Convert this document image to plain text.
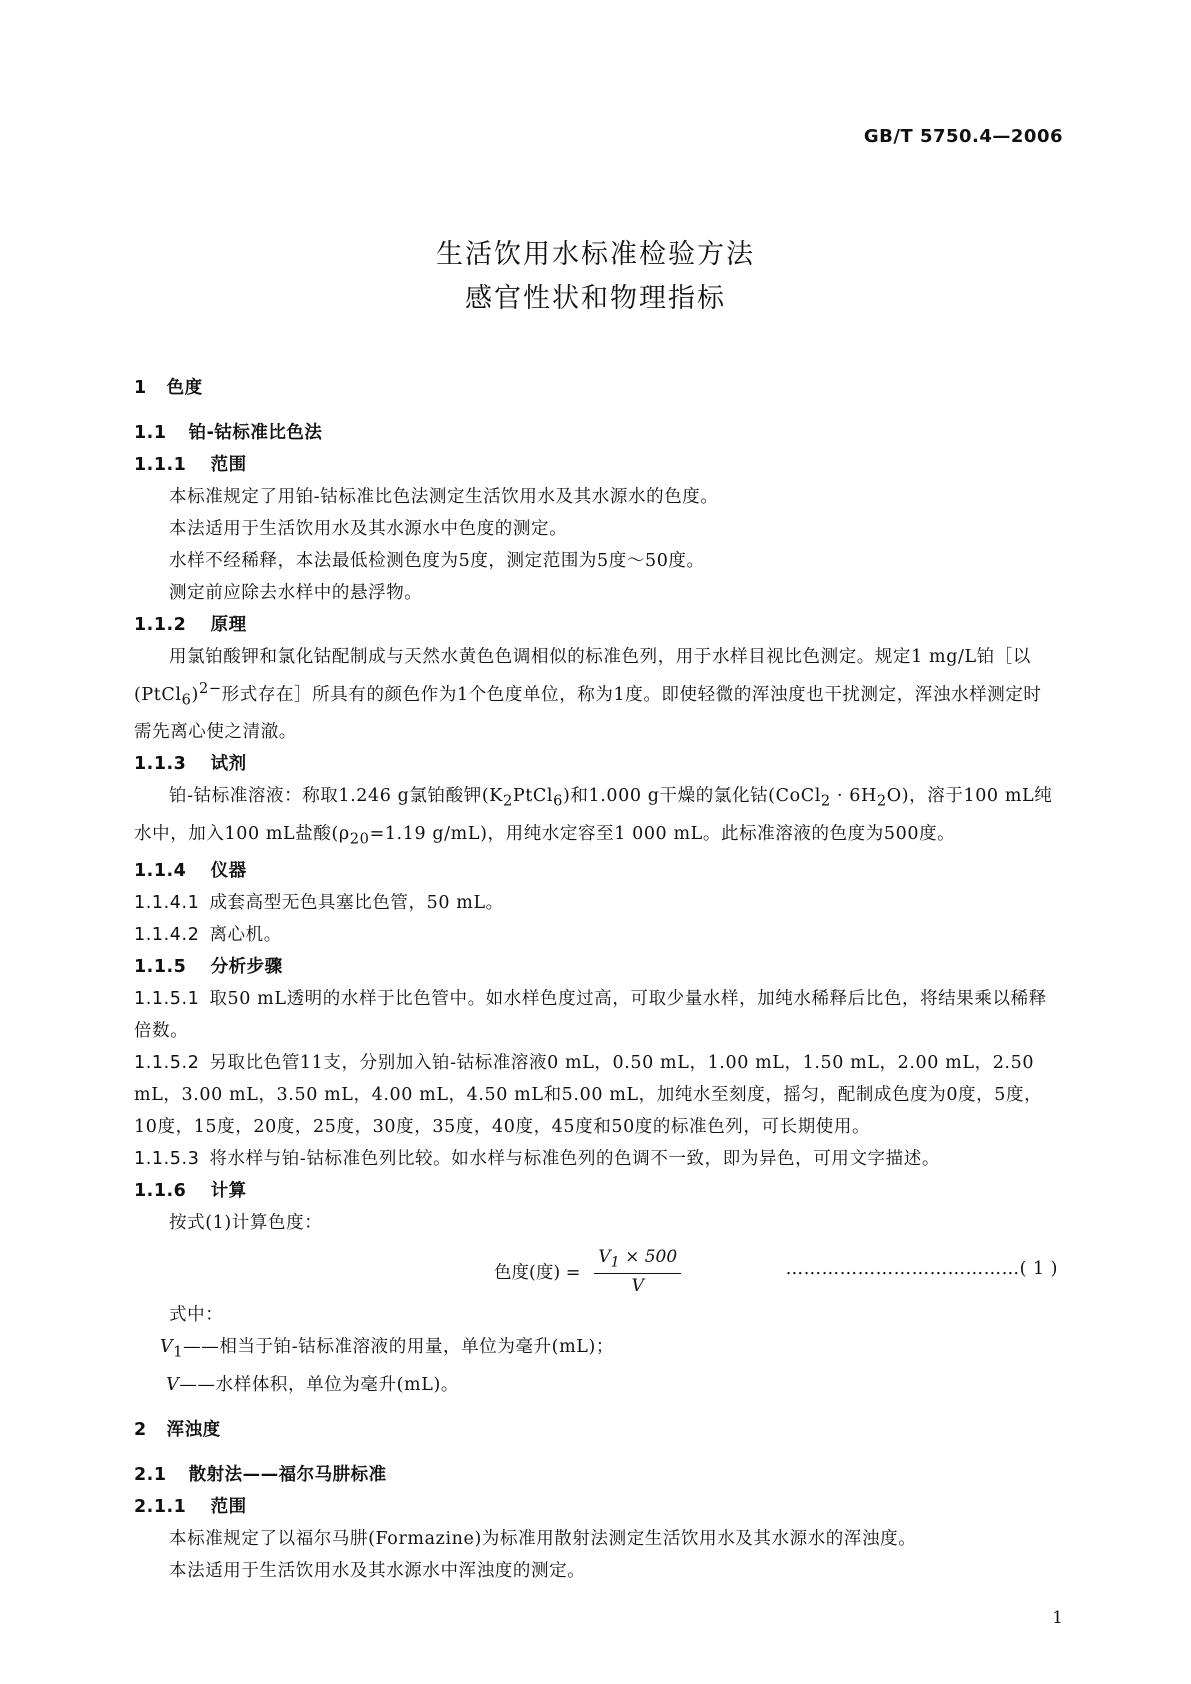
GB/T 5750.4—2006
生活饮用水标准检验方法
感官性状和物理指标
1 色度
1.1 铂-钴标准比色法
1.1.1 范围
本标准规定了用铂-钴标准比色法测定生活饮用水及其水源水的色度。
本法适用于生活饮用水及其水源水中色度的测定。
水样不经稀释，本法最低检测色度为5度，测定范围为5度～50度。
测定前应除去水样中的悬浮物。
1.1.2 原理
用氯铂酸钾和氯化钴配制成与天然水黄色色调相似的标准色列，用于水样目视比色测定。规定1 mg/L铂［以(PtCl$_6$)$^{2-}$形式存在］所具有的颜色作为1个色度单位，称为1度。即使轻微的浑浊度也干扰测定，浑浊水样测定时需先离心使之清澈。
1.1.3 试剂
铂-钴标准溶液：称取1.246 g氯铂酸钾$(K_2PtCl_6)$和1.000 g干燥的氯化钴(CoCl$_2$ · $6H_2O$)，溶于100 mL纯水中，加入100 mL盐酸($\rho_{20}=1.19$ g/mL)，用纯水定容至1 000 mL。此标准溶液的色度为500度。
1.1.4 仪器
1.1.4.1 成套高型无色具塞比色管，50 mL。
1.1.4.2 离心机。
1.1.5 分析步骤
1.1.5.1 取50 mL透明的水样于比色管中。如水样色度过高，可取少量水样，加纯水稀释后比色，将结果乘以稀释倍数。
1.1.5.2 另取比色管11支，分别加入铂-钴标准溶液0 mL，0.50 mL，1.00 mL，1.50 mL，2.00 mL，2.50 mL，3.00 mL，3.50 mL，4.00 mL，4.50 mL和5.00 mL，加纯水至刻度，摇匀，配制成色度为0度，5度，10度，15度，20度，25度，30度，35度，40度，45度和50度的标准色列，可长期使用。
1.1.5.3 将水样与铂-钴标准色列比较。如水样与标准色列的色调不一致，即为异色，可用文字描述。
1.1.6 计算
按式(1)计算色度：
色度(度) = $\frac{V_1 \times 500}{V}$	…………………………………( 1 )
式中：
$V_1——$相当于铂-钴标准溶液的用量，单位为毫升(mL)；
V——水样体积，单位为毫升(mL)。
2 浑浊度
2.1 散射法——福尔马肼标准
2.1.1 范围
本标准规定了以福尔马肼(Formazine)为标准用散射法测定生活饮用水及其水源水的浑浊度。
本法适用于生活饮用水及其水源水中浑浊度的测定。
1
